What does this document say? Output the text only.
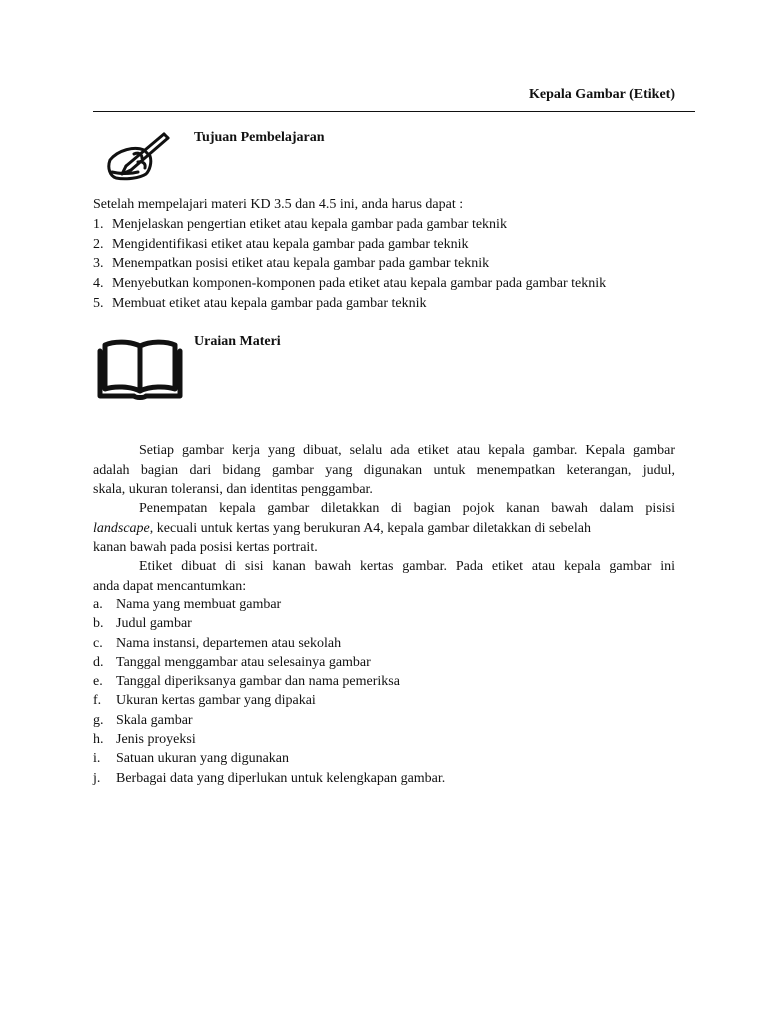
Kepala Gambar (Etiket)
Tujuan Pembelajaran
Setelah mempelajari materi KD 3.5 dan 4.5 ini, anda harus dapat :
1. Menjelaskan pengertian etiket atau kepala gambar pada gambar teknik
2. Mengidentifikasi etiket atau kepala gambar pada gambar teknik
3. Menempatkan posisi etiket atau kepala gambar pada gambar teknik
4. Menyebutkan komponen-komponen pada etiket atau kepala gambar pada gambar teknik
5. Membuat etiket atau kepala gambar pada gambar teknik
Uraian Materi
Setiap gambar kerja yang dibuat, selalu ada etiket atau kepala gambar. Kepala gambar
adalah bagian dari bidang gambar yang digunakan untuk menempatkan keterangan, judul,
skala, ukuran toleransi, dan identitas penggambar.
Penempatan kepala gambar diletakkan di bagian pojok kanan bawah dalam pisisi
landscape, kecuali untuk kertas yang berukuran A4, kepala gambar diletakkan di sebelah
kanan bawah pada posisi kertas portrait.
Etiket dibuat di sisi kanan bawah kertas gambar. Pada etiket atau kepala gambar ini
anda dapat mencantumkan:
a. Nama yang membuat gambar
b. Judul gambar
c. Nama instansi, departemen atau sekolah
d. Tanggal menggambar atau selesainya gambar
e. Tanggal diperiksanya gambar dan nama pemeriksa
f. Ukuran kertas gambar yang dipakai
g. Skala gambar
h. Jenis proyeksi
i. Satuan ukuran yang digunakan
j. Berbagai data yang diperlukan untuk kelengkapan gambar.
